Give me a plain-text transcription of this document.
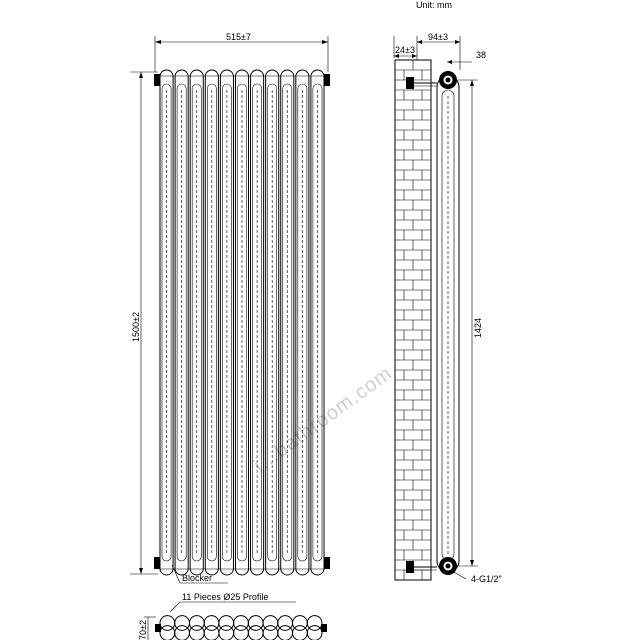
i...bathroom.com
Unit: mm
515±7
1500±2
Blocker
11 Pieces Ø25 Profile
70±2
24±3
94±3
38
1424
4-G1/2"
